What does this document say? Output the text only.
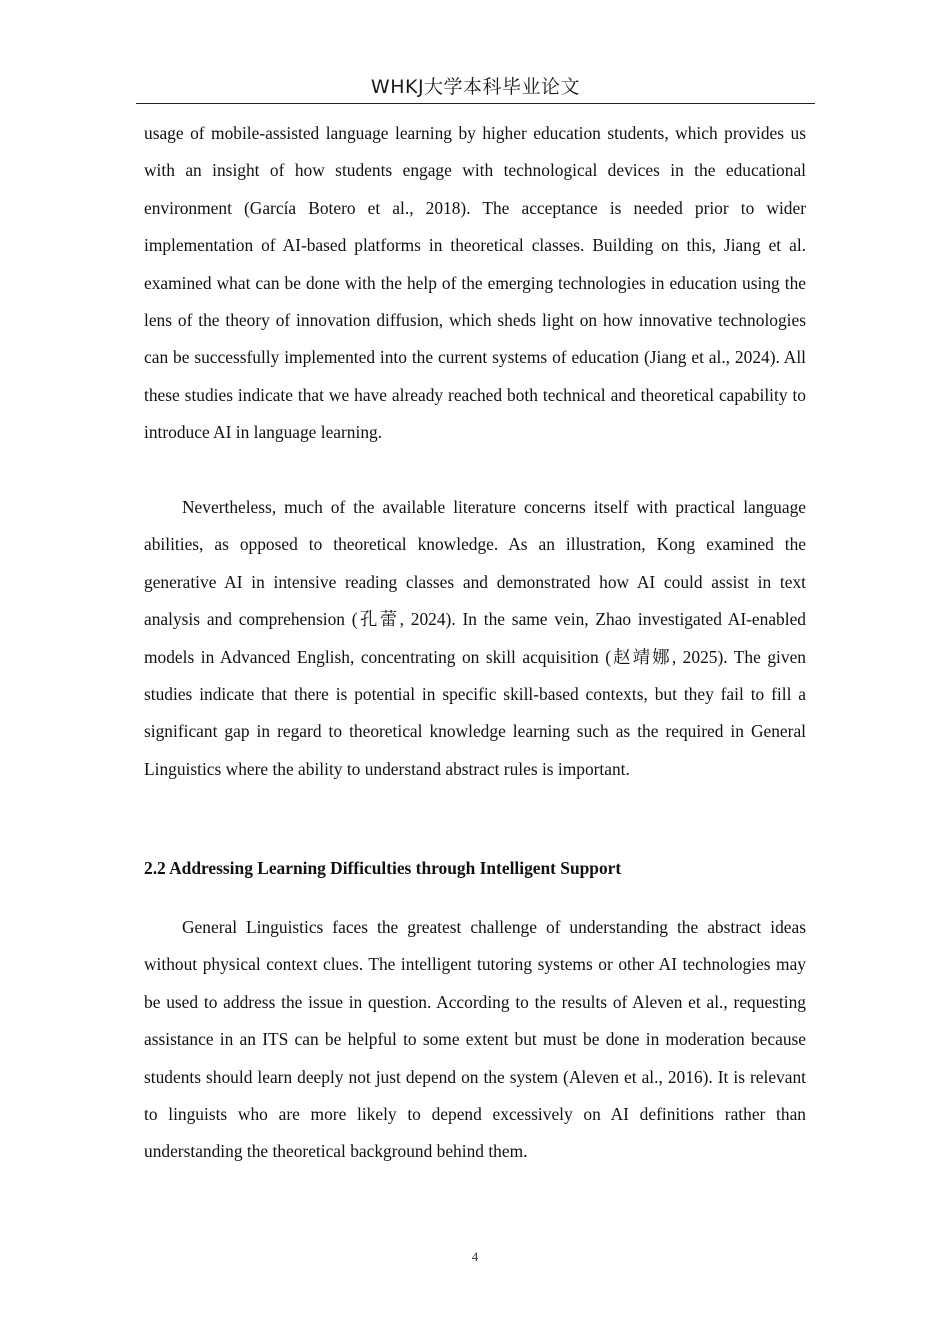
WHKJ大学本科毕业论文

usage of mobile-assisted language learning by higher education students, which provides us with an insight of how students engage with technological devices in the educational environment (García Botero et al., 2018). The acceptance is needed prior to wider implementation of AI-based platforms in theoretical classes. Building on this, Jiang et al. examined what can be done with the help of the emerging technologies in education using the lens of the theory of innovation diffusion, which sheds light on how innovative technologies can be successfully implemented into the current systems of education (Jiang et al., 2024). All these studies indicate that we have already reached both technical and theoretical capability to introduce AI in language learning.

Nevertheless, much of the available literature concerns itself with practical language abilities, as opposed to theoretical knowledge. As an illustration, Kong examined the generative AI in intensive reading classes and demonstrated how AI could assist in text analysis and comprehension (孔蕾, 2024). In the same vein, Zhao investigated AI-enabled models in Advanced English, concentrating on skill acquisition (赵靖娜, 2025). The given studies indicate that there is potential in specific skill-based contexts, but they fail to fill a significant gap in regard to theoretical knowledge learning such as the required in General Linguistics where the ability to understand abstract rules is important.

2.2 Addressing Learning Difficulties through Intelligent Support

General Linguistics faces the greatest challenge of understanding the abstract ideas without physical context clues. The intelligent tutoring systems or other AI technologies may be used to address the issue in question. According to the results of Aleven et al., requesting assistance in an ITS can be helpful to some extent but must be done in moderation because students should learn deeply not just depend on the system (Aleven et al., 2016). It is relevant to linguists who are more likely to depend excessively on AI definitions rather than understanding the theoretical background behind them.

4
